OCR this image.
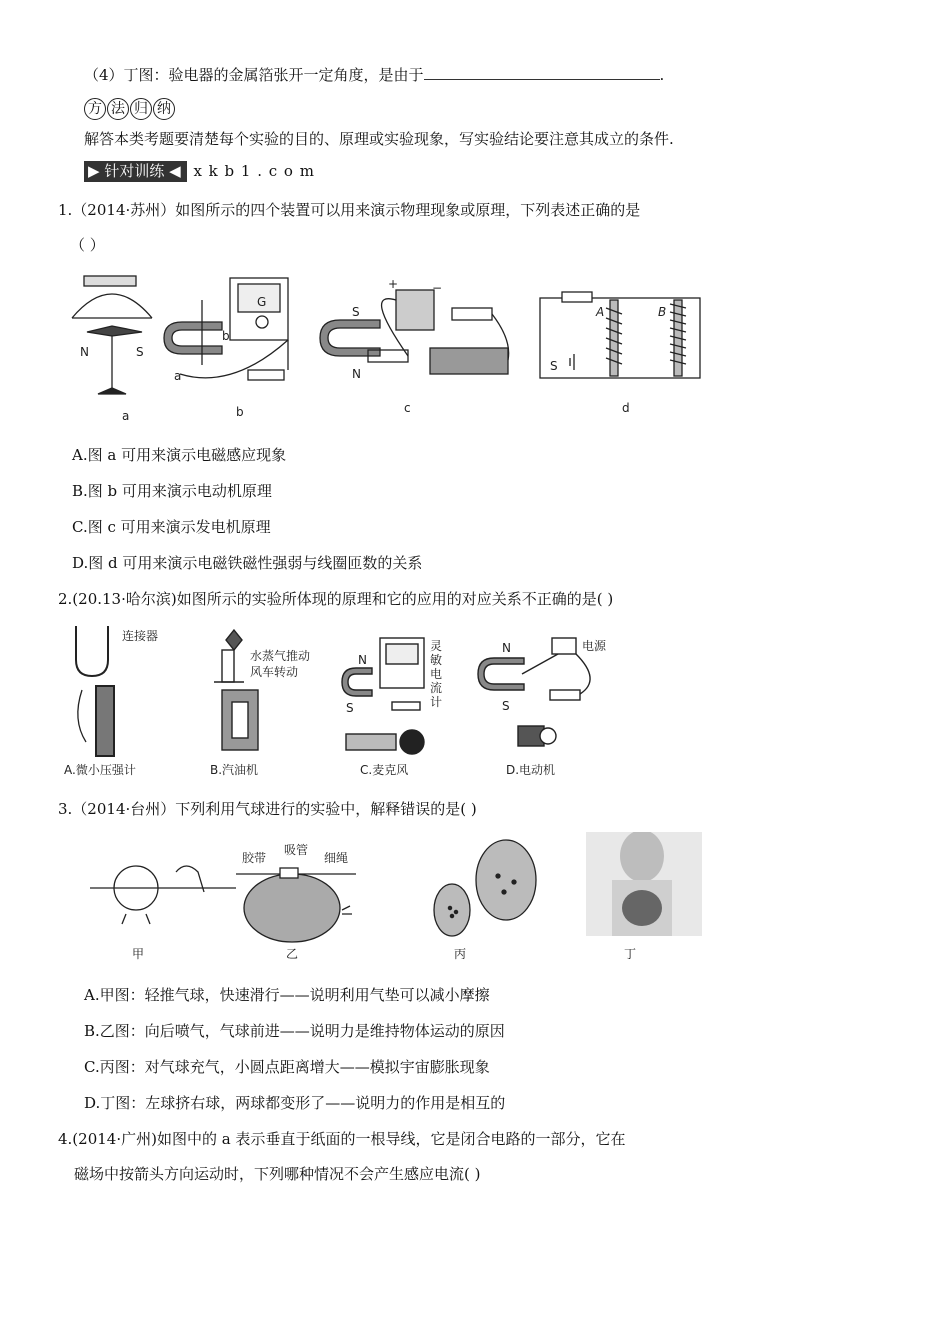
（4）丁图：验电器的金属箔张开一定角度，是由于	.
方 法 归 纳
解答本类考题要清楚每个实验的目的、原理或实验现象，写实验结论要注意其成立的条件.
▶ 针对训练 ◀ x k b 1 . c o m
1.（2014·苏州）如图所示的四个装置可以用来演示物理现象或原理，下列表述正确的是
（ ）
N	S
a
G
a
b
b
S
N
+	−
c
A	B
S
d
A.图 a 可用来演示电磁感应现象
B.图 b 可用来演示电动机原理
C.图 c 可用来演示发电机原理
D.图 d 可用来演示电磁铁磁性强弱与线圈匝数的关系
2.(20.13·哈尔滨)如图所示的实验所体现的原理和它的应用的对应关系不正确的是( )
连接器
A.微小压强计
水蒸气推动
风车转动
B.汽油机
灵
敏
电
流
计
N
S
C.麦克风
N
S
电源
D.电动机
3.（2014·台州）下列利用气球进行的实验中，解释错误的是( )
甲
胶带
吸管
细绳
乙	丙	丁
A.甲图：轻推气球，快速滑行——说明利用气垫可以减小摩擦
B.乙图：向后喷气，气球前进——说明力是维持物体运动的原因
C.丙图：对气球充气，小圆点距离增大——模拟宇宙膨胀现象
D.丁图：左球挤右球，两球都变形了——说明力的作用是相互的
4.(2014·广州)如图中的 a 表示垂直于纸面的一根导线，它是闭合电路的一部分，它在
磁场中按箭头方向运动时，下列哪种情况不会产生感应电流( )
